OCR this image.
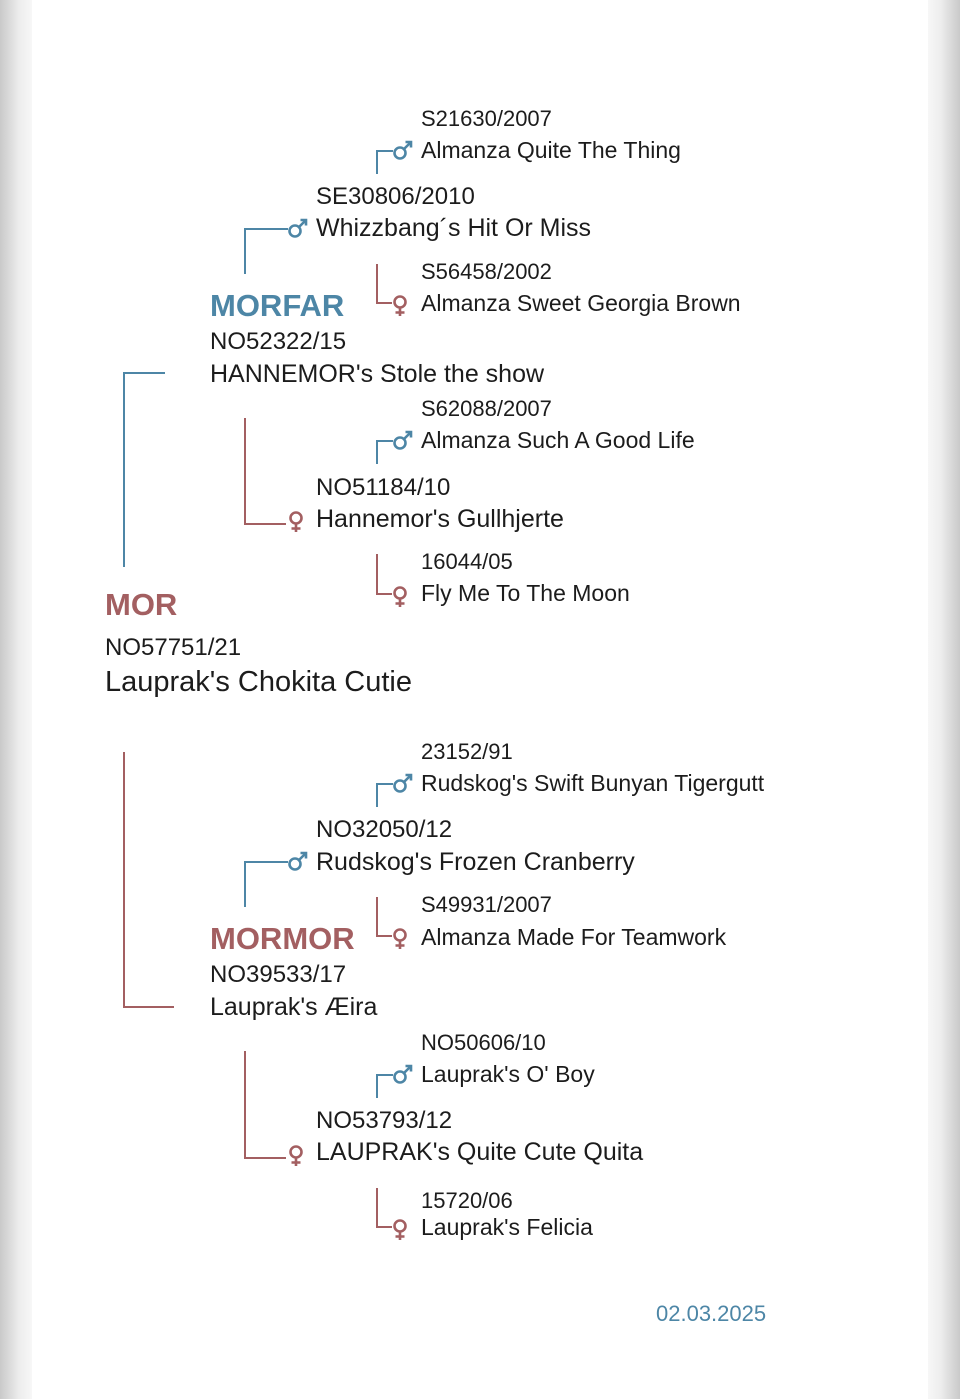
MOR
NO57751/21
Lauprak's Chokita Cutie
MORFAR
NO52322/15
HANNEMOR's Stole the show
SE30806/2010
Whizzbang´s Hit Or Miss
S21630/2007
Almanza Quite The Thing
S56458/2002
Almanza Sweet Georgia Brown
NO51184/10
Hannemor's Gullhjerte
S62088/2007
Almanza Such A Good Life
16044/05
Fly Me To The Moon
MORMOR
NO39533/17
Lauprak's Æira
NO32050/12
Rudskog's Frozen Cranberry
23152/91
Rudskog's Swift Bunyan Tigergutt
S49931/2007
Almanza Made For Teamwork
NO53793/12
LAUPRAK's Quite Cute Quita
NO50606/10
Lauprak's O' Boy
15720/06
Lauprak's Felicia
02.03.2025
